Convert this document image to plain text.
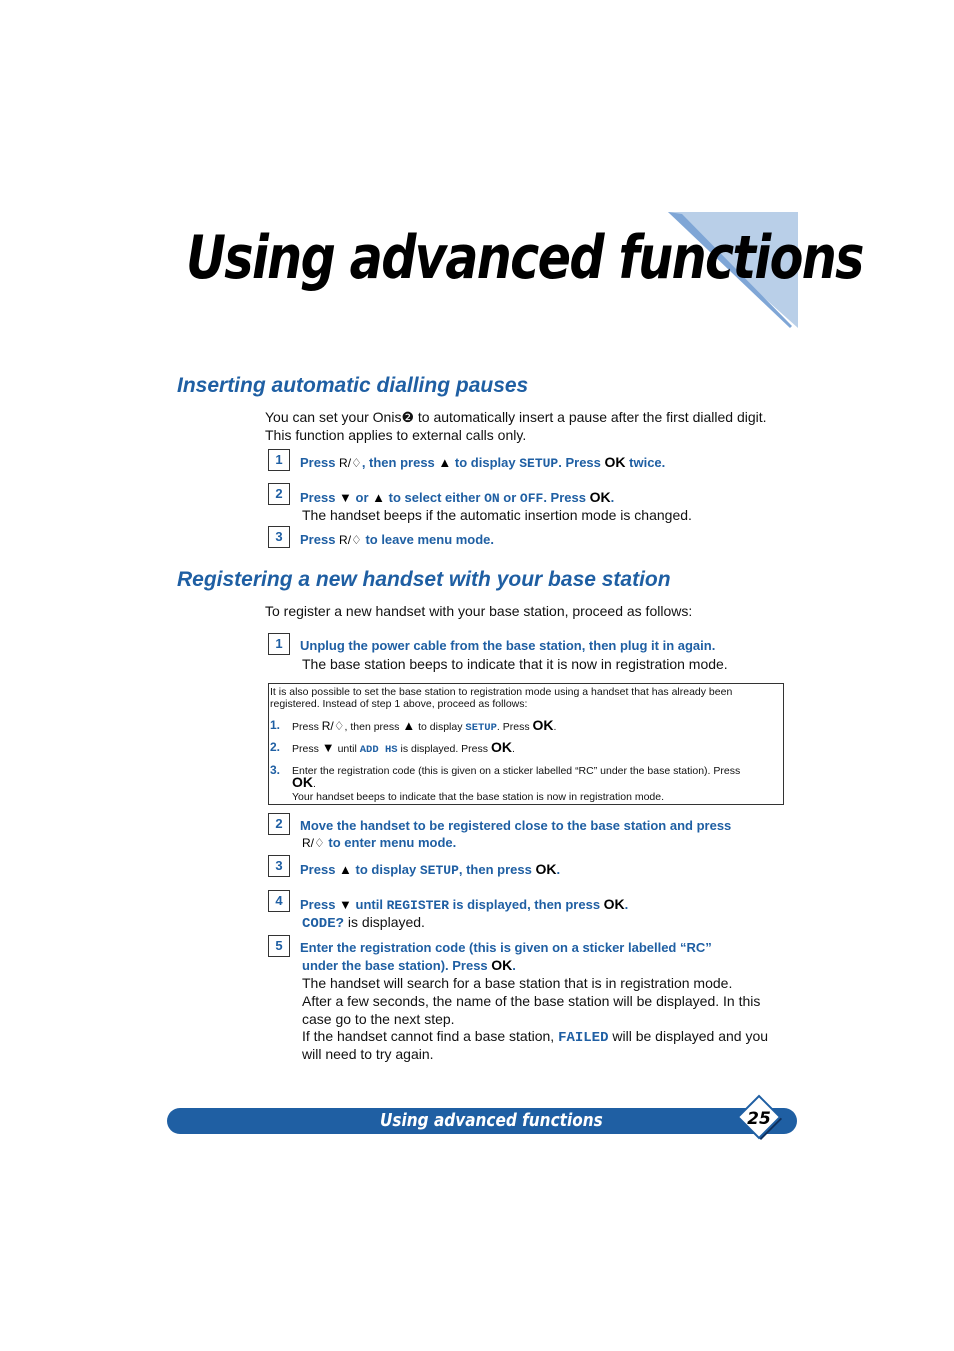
Using advanced functions
Inserting automatic dialling pauses
You can set your Onis❷ to automatically insert a pause after the first dialled digit.
This function applies to external calls only.
1	Press R/♢, then press ▲ to display SETUP. Press OK twice.
2	Press ▼ or ▲ to select either ON or OFF. Press OK.
The handset beeps if the automatic insertion mode is changed.
3	Press R/♢ to leave menu mode.
Registering a new handset with your base station
To register a new handset with your base station, proceed as follows:
1	Unplug the power cable from the base station, then plug it in again.
The base station beeps to indicate that it is now in registration mode.
It is also possible to set the base station to registration mode using a handset that has already been
registered. Instead of step 1 above, proceed as follows:
1. Press R/♢, then press ▲ to display SETUP. Press OK.
2. Press ▼ until ADD HS is displayed. Press OK.
3. Enter the registration code (this is given on a sticker labelled “RC” under the base station). Press
OK.
Your handset beeps to indicate that the base station is now in registration mode.
2	Move the handset to be registered close to the base station and press
R/♢ to enter menu mode.
3	Press ▲ to display SETUP, then press OK.
4	Press ▼ until REGISTER is displayed, then press OK.
CODE? is displayed.
5	Enter the registration code (this is given on a sticker labelled “RC”
under the base station). Press OK.
The handset will search for a base station that is in registration mode.
After a few seconds, the name of the base station will be displayed. In this
case go to the next step.
If the handset cannot find a base station, FAILED will be displayed and you
will need to try again.
Using advanced functions	25
